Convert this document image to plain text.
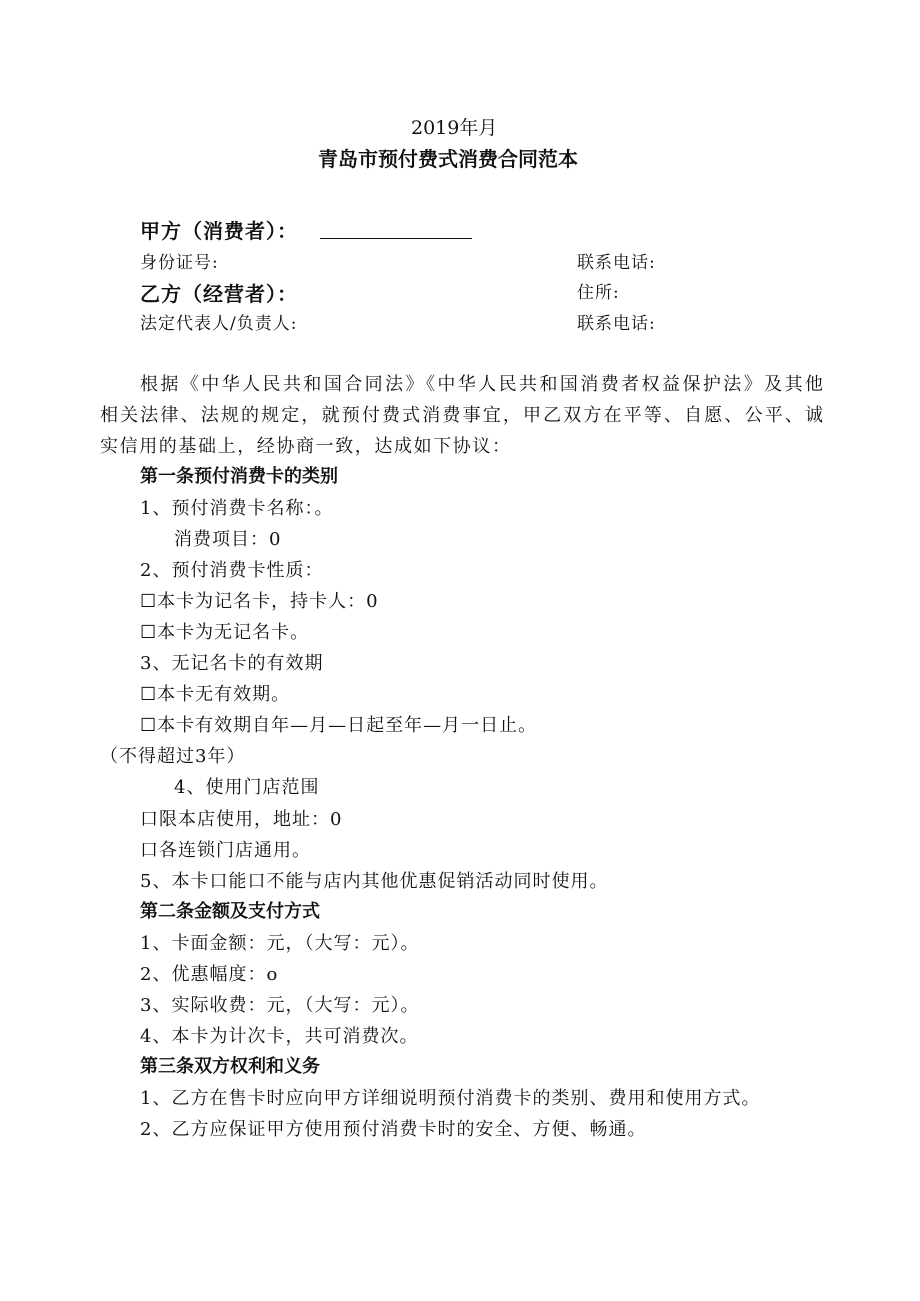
2019年月
青岛市预付费式消费合同范本
甲方（消费者）：
身份证号:	联系电话:
乙方（经营者）：	住所:
法定代表人/负责人:	联系电话:
根据《中华人民共和国合同法》《中华人民共和国消费者权益保护法》及其他
相关法律、法规的规定，就预付费式消费事宜，甲乙双方在平等、自愿、公平、诚
实信用的基础上，经协商一致，达成如下协议：
第一条预付消费卡的类别
1、预付消费卡名称：。
消费项目：0
2、预付消费卡性质：
☐本卡为记名卡，持卡人：0
☐本卡为无记名卡。
3、无记名卡的有效期
☐本卡无有效期。
☐本卡有效期自年—月—日起至年—月一日止。
（不得超过3年）
4、使用门店范围
口限本店使用，地址：0
口各连锁门店通用。
5、本卡口能口不能与店内其他优惠促销活动同时使用。
第二条金额及支付方式
1、卡面金额：元，（大写：元）。
2、优惠幅度：o
3、实际收费：元，（大写：元）。
4、本卡为计次卡，共可消费次。
第三条双方权利和义务
1、乙方在售卡时应向甲方详细说明预付消费卡的类别、费用和使用方式。
2、乙方应保证甲方使用预付消费卡时的安全、方便、畅通。
